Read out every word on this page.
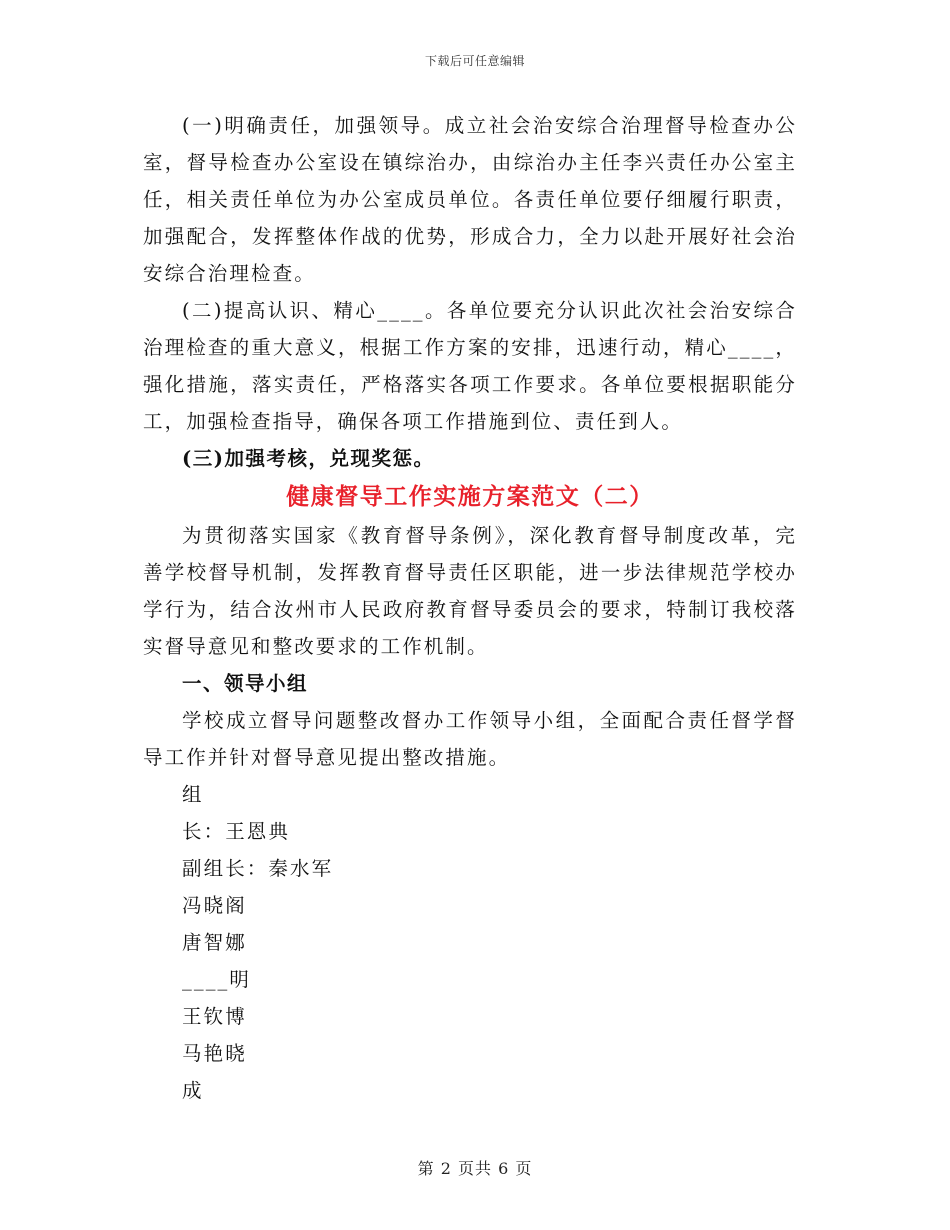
下载后可任意编辑

(一)明确责任，加强领导。成立社会治安综合治理督导检查办公室，督导检查办公室设在镇综治办，由综治办主任李兴责任办公室主任，相关责任单位为办公室成员单位。各责任单位要仔细履行职责，加强配合，发挥整体作战的优势，形成合力，全力以赴开展好社会治安综合治理检查。

(二)提高认识、精心____。各单位要充分认识此次社会治安综合治理检查的重大意义，根据工作方案的安排，迅速行动，精心____，强化措施，落实责任，严格落实各项工作要求。各单位要根据职能分工，加强检查指导，确保各项工作措施到位、责任到人。

(三)加强考核，兑现奖惩。

健康督导工作实施方案范文（二）

为贯彻落实国家《教育督导条例》，深化教育督导制度改革，完善学校督导机制，发挥教育督导责任区职能，进一步法律规范学校办学行为，结合汝州市人民政府教育督导委员会的要求，特制订我校落实督导意见和整改要求的工作机制。

一、领导小组

学校成立督导问题整改督办工作领导小组，全面配合责任督学督导工作并针对督导意见提出整改措施。

组

长：王恩典

副组长：秦水军

冯晓阁

唐智娜

____明

王钦博

马艳晓

成

第 2 页共 6 页
